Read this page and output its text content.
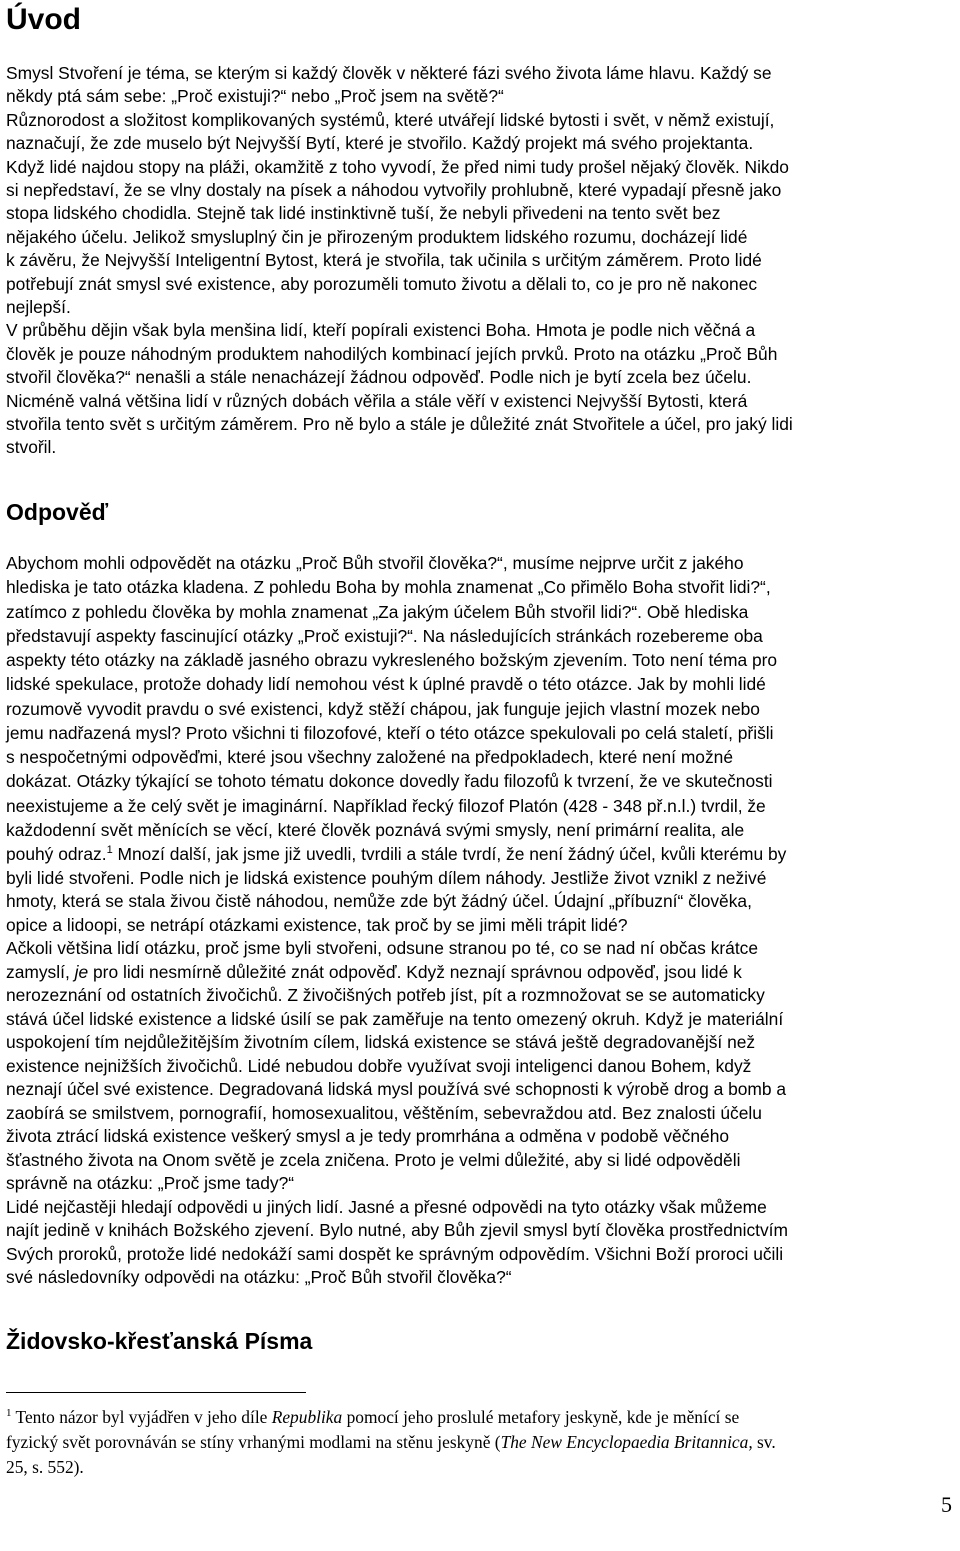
Úvod
Smysl Stvoření je téma, se kterým si každý člověk v některé fázi svého života láme hlavu. Každý se
někdy ptá sám sebe: „Proč existuji?“ nebo „Proč jsem na světě?“
Různorodost a složitost komplikovaných systémů, které utvářejí lidské bytosti i svět, v němž existují,
naznačují, že zde muselo být Nejvyšší Bytí, které je stvořilo. Každý projekt má svého projektanta.
Když lidé najdou stopy na pláži, okamžitě z toho vyvodí, že před nimi tudy prošel nějaký člověk. Nikdo
si nepředstaví, že se vlny dostaly na písek a náhodou vytvořily prohlubně, které vypadají přesně jako
stopa lidského chodidla. Stejně tak lidé instinktivně tuší, že nebyli přivedeni na tento svět bez
nějakého účelu. Jelikož smysluplný čin je přirozeným produktem lidského rozumu, docházejí lidé
k závěru, že Nejvyšší Inteligentní Bytost, která je stvořila, tak učinila s určitým záměrem. Proto lidé
potřebují znát smysl své existence, aby porozuměli tomuto životu a dělali to, co je pro ně nakonec
nejlepší.
V průběhu dějin však byla menšina lidí, kteří popírali existenci Boha. Hmota je podle nich věčná a
člověk je pouze náhodným produktem nahodilých kombinací jejích prvků. Proto na otázku „Proč Bůh
stvořil člověka?“ nenašli a stále nenacházejí žádnou odpověď. Podle nich je bytí zcela bez účelu.
Nicméně valná většina lidí v různých dobách věřila a stále věří v existenci Nejvyšší Bytosti, která
stvořila tento svět s určitým záměrem. Pro ně bylo a stále je důležité znát Stvořitele a účel, pro jaký lidi
stvořil.
Odpověď
Abychom mohli odpovědět na otázku „Proč Bůh stvořil člověka?“, musíme nejprve určit z jakého
hlediska je tato otázka kladena. Z pohledu Boha by mohla znamenat „Co přimělo Boha stvořit lidi?“,
zatímco z pohledu člověka by mohla znamenat „Za jakým účelem Bůh stvořil lidi?“. Obě hlediska
představují aspekty fascinující otázky „Proč existuji?“. Na následujících stránkách rozebereme oba
aspekty této otázky na základě jasného obrazu vykresleného božským zjevením. Toto není téma pro
lidské spekulace, protože dohady lidí nemohou vést k úplné pravdě o této otázce. Jak by mohli lidé
rozumově vyvodit pravdu o své existenci, když stěží chápou, jak funguje jejich vlastní mozek nebo
jemu nadřazená mysl? Proto všichni ti filozofové, kteří o této otázce spekulovali po celá staletí, přišli
s nespočetnými odpověďmi, které jsou všechny založené na předpokladech, které není možné
dokázat. Otázky týkající se tohoto tématu dokonce dovedly řadu filozofů k tvrzení, že ve skutečnosti
neexistujeme a že celý svět je imaginární. Například řecký filozof Platón (428 - 348 př.n.l.) tvrdil, že
každodenní svět měnících se věcí, které člověk poznává svými smysly, není primární realita, ale
pouhý odraz.$^1$ Mnozí další, jak jsme již uvedli, tvrdili a stále tvrdí, že není žádný účel, kvůli kterému by
byli lidé stvořeni. Podle nich je lidská existence pouhým dílem náhody. Jestliže život vznikl z neživé
hmoty, která se stala živou čistě náhodou, nemůže zde být žádný účel. Údajní „příbuzní“ člověka,
opice a lidoopi, se netrápí otázkami existence, tak proč by se jimi měli trápit lidé?
Ačkoli většina lidí otázku, proč jsme byli stvořeni, odsune stranou po té, co se nad ní občas krátce
zamyslí, je pro lidi nesmírně důležité znát odpověď. Když neznají správnou odpověď, jsou lidé k
nerozeznání od ostatních živočichů. Z živočišných potřeb jíst, pít a rozmnožovat se se automaticky
stává účel lidské existence a lidské úsilí se pak zaměřuje na tento omezený okruh. Když je materiální
uspokojení tím nejdůležitějším životním cílem, lidská existence se stává ještě degradovanější než
existence nejnižších živočichů. Lidé nebudou dobře využívat svoji inteligenci danou Bohem, když
neznají účel své existence. Degradovaná lidská mysl používá své schopnosti k výrobě drog a bomb a
zaobírá se smilstvem, pornografií, homosexualitou, věštěním, sebevraždou atd. Bez znalosti účelu
života ztrácí lidská existence veškerý smysl a je tedy promrhána a odměna v podobě věčného
šťastného života na Onom světě je zcela zničena. Proto je velmi důležité, aby si lidé odpověděli
správně na otázku: „Proč jsme tady?“
Lidé nejčastěji hledají odpovědi u jiných lidí. Jasné a přesné odpovědi na tyto otázky však můžeme
najít jedině v knihách Božského zjevení. Bylo nutné, aby Bůh zjevil smysl bytí člověka prostřednictvím
Svých proroků, protože lidé nedokáží sami dospět ke správným odpovědím. Všichni Boží proroci učili
své následovníky odpovědi na otázku: „Proč Bůh stvořil člověka?“
Židovsko-křesťanská Písma
$^1$ Tento názor byl vyjádřen v jeho díle Republika pomocí jeho proslulé metafory jeskyně, kde je měnící se
fyzický svět porovnáván se stíny vrhanými modlami na stěnu jeskyně (The New Encyclopaedia Britannica, sv.
25, s. 552).
5
